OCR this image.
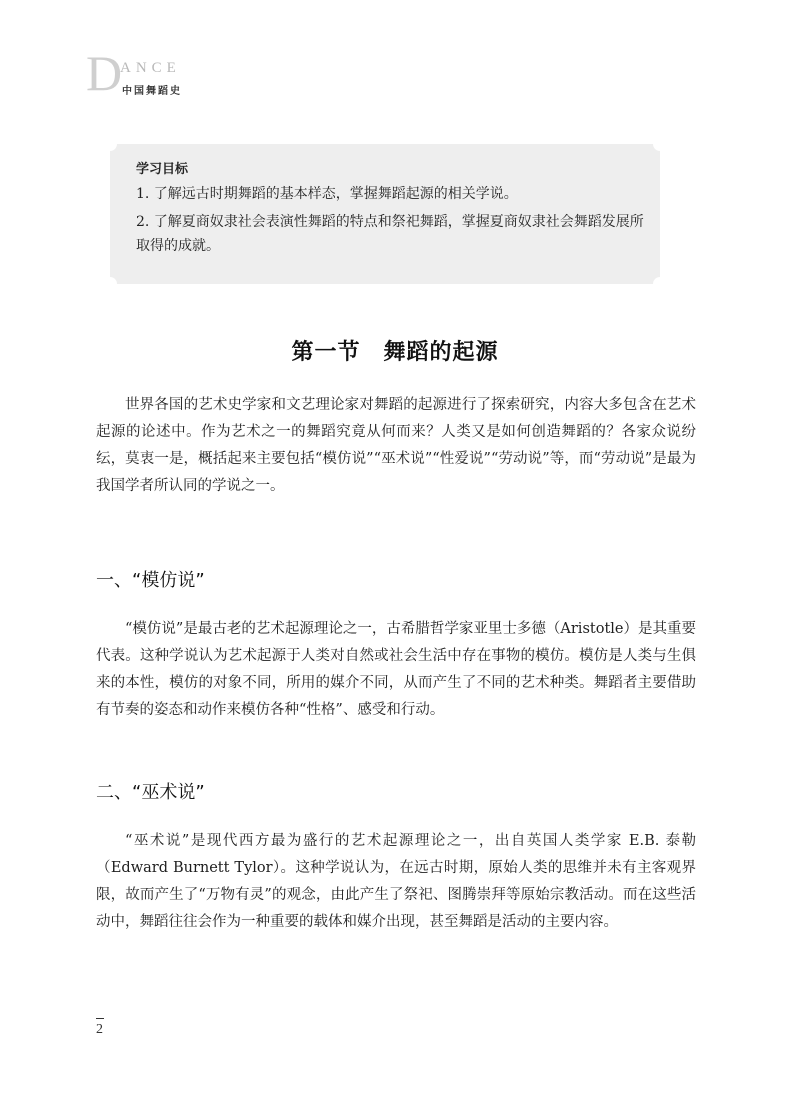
D
ANCE
中国舞蹈史
学习目标
1. 了解远古时期舞蹈的基本样态，掌握舞蹈起源的相关学说。
2. 了解夏商奴隶社会表演性舞蹈的特点和祭祀舞蹈，掌握夏商奴隶社会舞蹈发展所取得的成就。
第一节　舞蹈的起源

世界各国的艺术史学家和文艺理论家对舞蹈的起源进行了探索研究，内容大多包含在艺术起源的论述中。作为艺术之一的舞蹈究竟从何而来？人类又是如何创造舞蹈的？各家众说纷纭，莫衷一是，概括起来主要包括“模仿说”“巫术说”“性爱说”“劳动说”等，而“劳动说”是最为我国学者所认同的学说之一。

一、“模仿说”

“模仿说”是最古老的艺术起源理论之一，古希腊哲学家亚里士多德（Aristotle）是其重要代表。这种学说认为艺术起源于人类对自然或社会生活中存在事物的模仿。模仿是人类与生俱来的本性，模仿的对象不同，所用的媒介不同，从而产生了不同的艺术种类。舞蹈者主要借助有节奏的姿态和动作来模仿各种“性格”、感受和行动。

二、“巫术说”

“巫术说”是现代西方最为盛行的艺术起源理论之一，出自英国人类学家 E.B. 泰勒（Edward Burnett Tylor）。这种学说认为，在远古时期，原始人类的思维并未有主客观界限，故而产生了“万物有灵”的观念，由此产生了祭祀、图腾崇拜等原始宗教活动。而在这些活动中，舞蹈往往会作为一种重要的载体和媒介出现，甚至舞蹈是活动的主要内容。

2
